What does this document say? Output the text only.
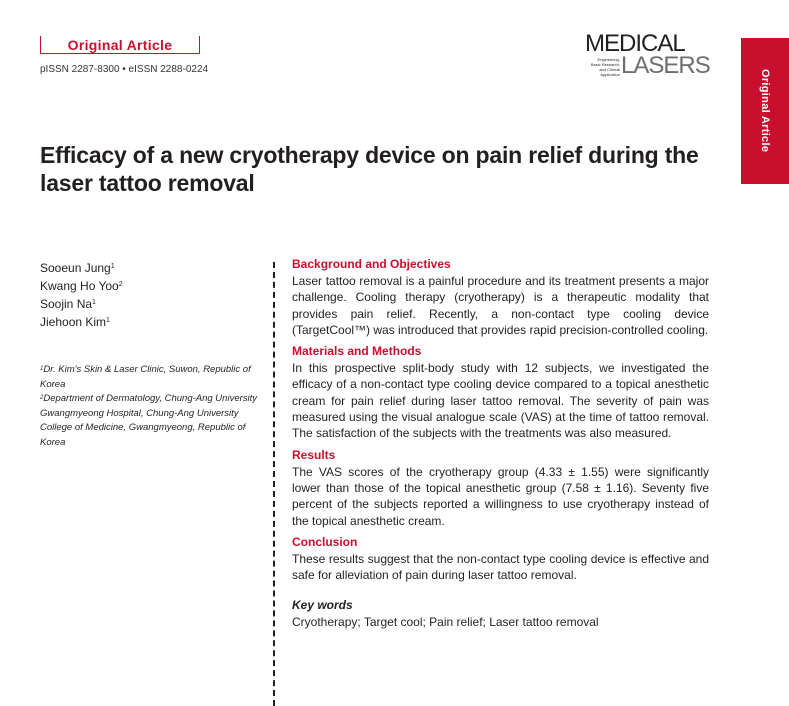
Original Article
pISSN 2287-8300 • eISSN 2288-0224
MEDICAL
Engineering,
Basic Research,
and Clinical Application LASERS
Original Article
Efficacy of a new cryotherapy device on pain relief during the laser tattoo removal
Sooeun Jung$^1$
Kwang Ho Yoo$^2$
Soojin Na$^1$
Jiehoon Kim$^1$
$^1$Dr. Kim's Skin & Laser Clinic, Suwon, Republic of Korea
$^2$Department of Dermatology, Chung-Ang University Gwangmyeong Hospital, Chung-Ang University College of Medicine, Gwangmyeong, Republic of Korea

Background and Objectives

Laser tattoo removal is a painful procedure and its treatment presents a major challenge. Cooling therapy (cryotherapy) is a therapeutic modality that provides pain relief. Recently, a non-contact type cooling device (TargetCool™) was introduced that provides rapid precision-controlled cooling.

Materials and Methods

In this prospective split-body study with 12 subjects, we investigated the efficacy of a non-contact type cooling device compared to a topical anesthetic cream for pain relief during laser tattoo removal. The severity of pain was measured using the visual analogue scale (VAS) at the time of tattoo removal. The satisfaction of the subjects with the treatments was also measured.

Results

The VAS scores of the cryotherapy group (4.33 ± 1.55) were significantly lower than those of the topical anesthetic group (7.58 ± 1.16). Seventy five percent of the subjects reported a willingness to use cryotherapy instead of the topical anesthetic cream.

Conclusion

These results suggest that the non-contact type cooling device is effective and safe for alleviation of pain during laser tattoo removal.

Key words

Cryotherapy; Target cool; Pain relief; Laser tattoo removal
